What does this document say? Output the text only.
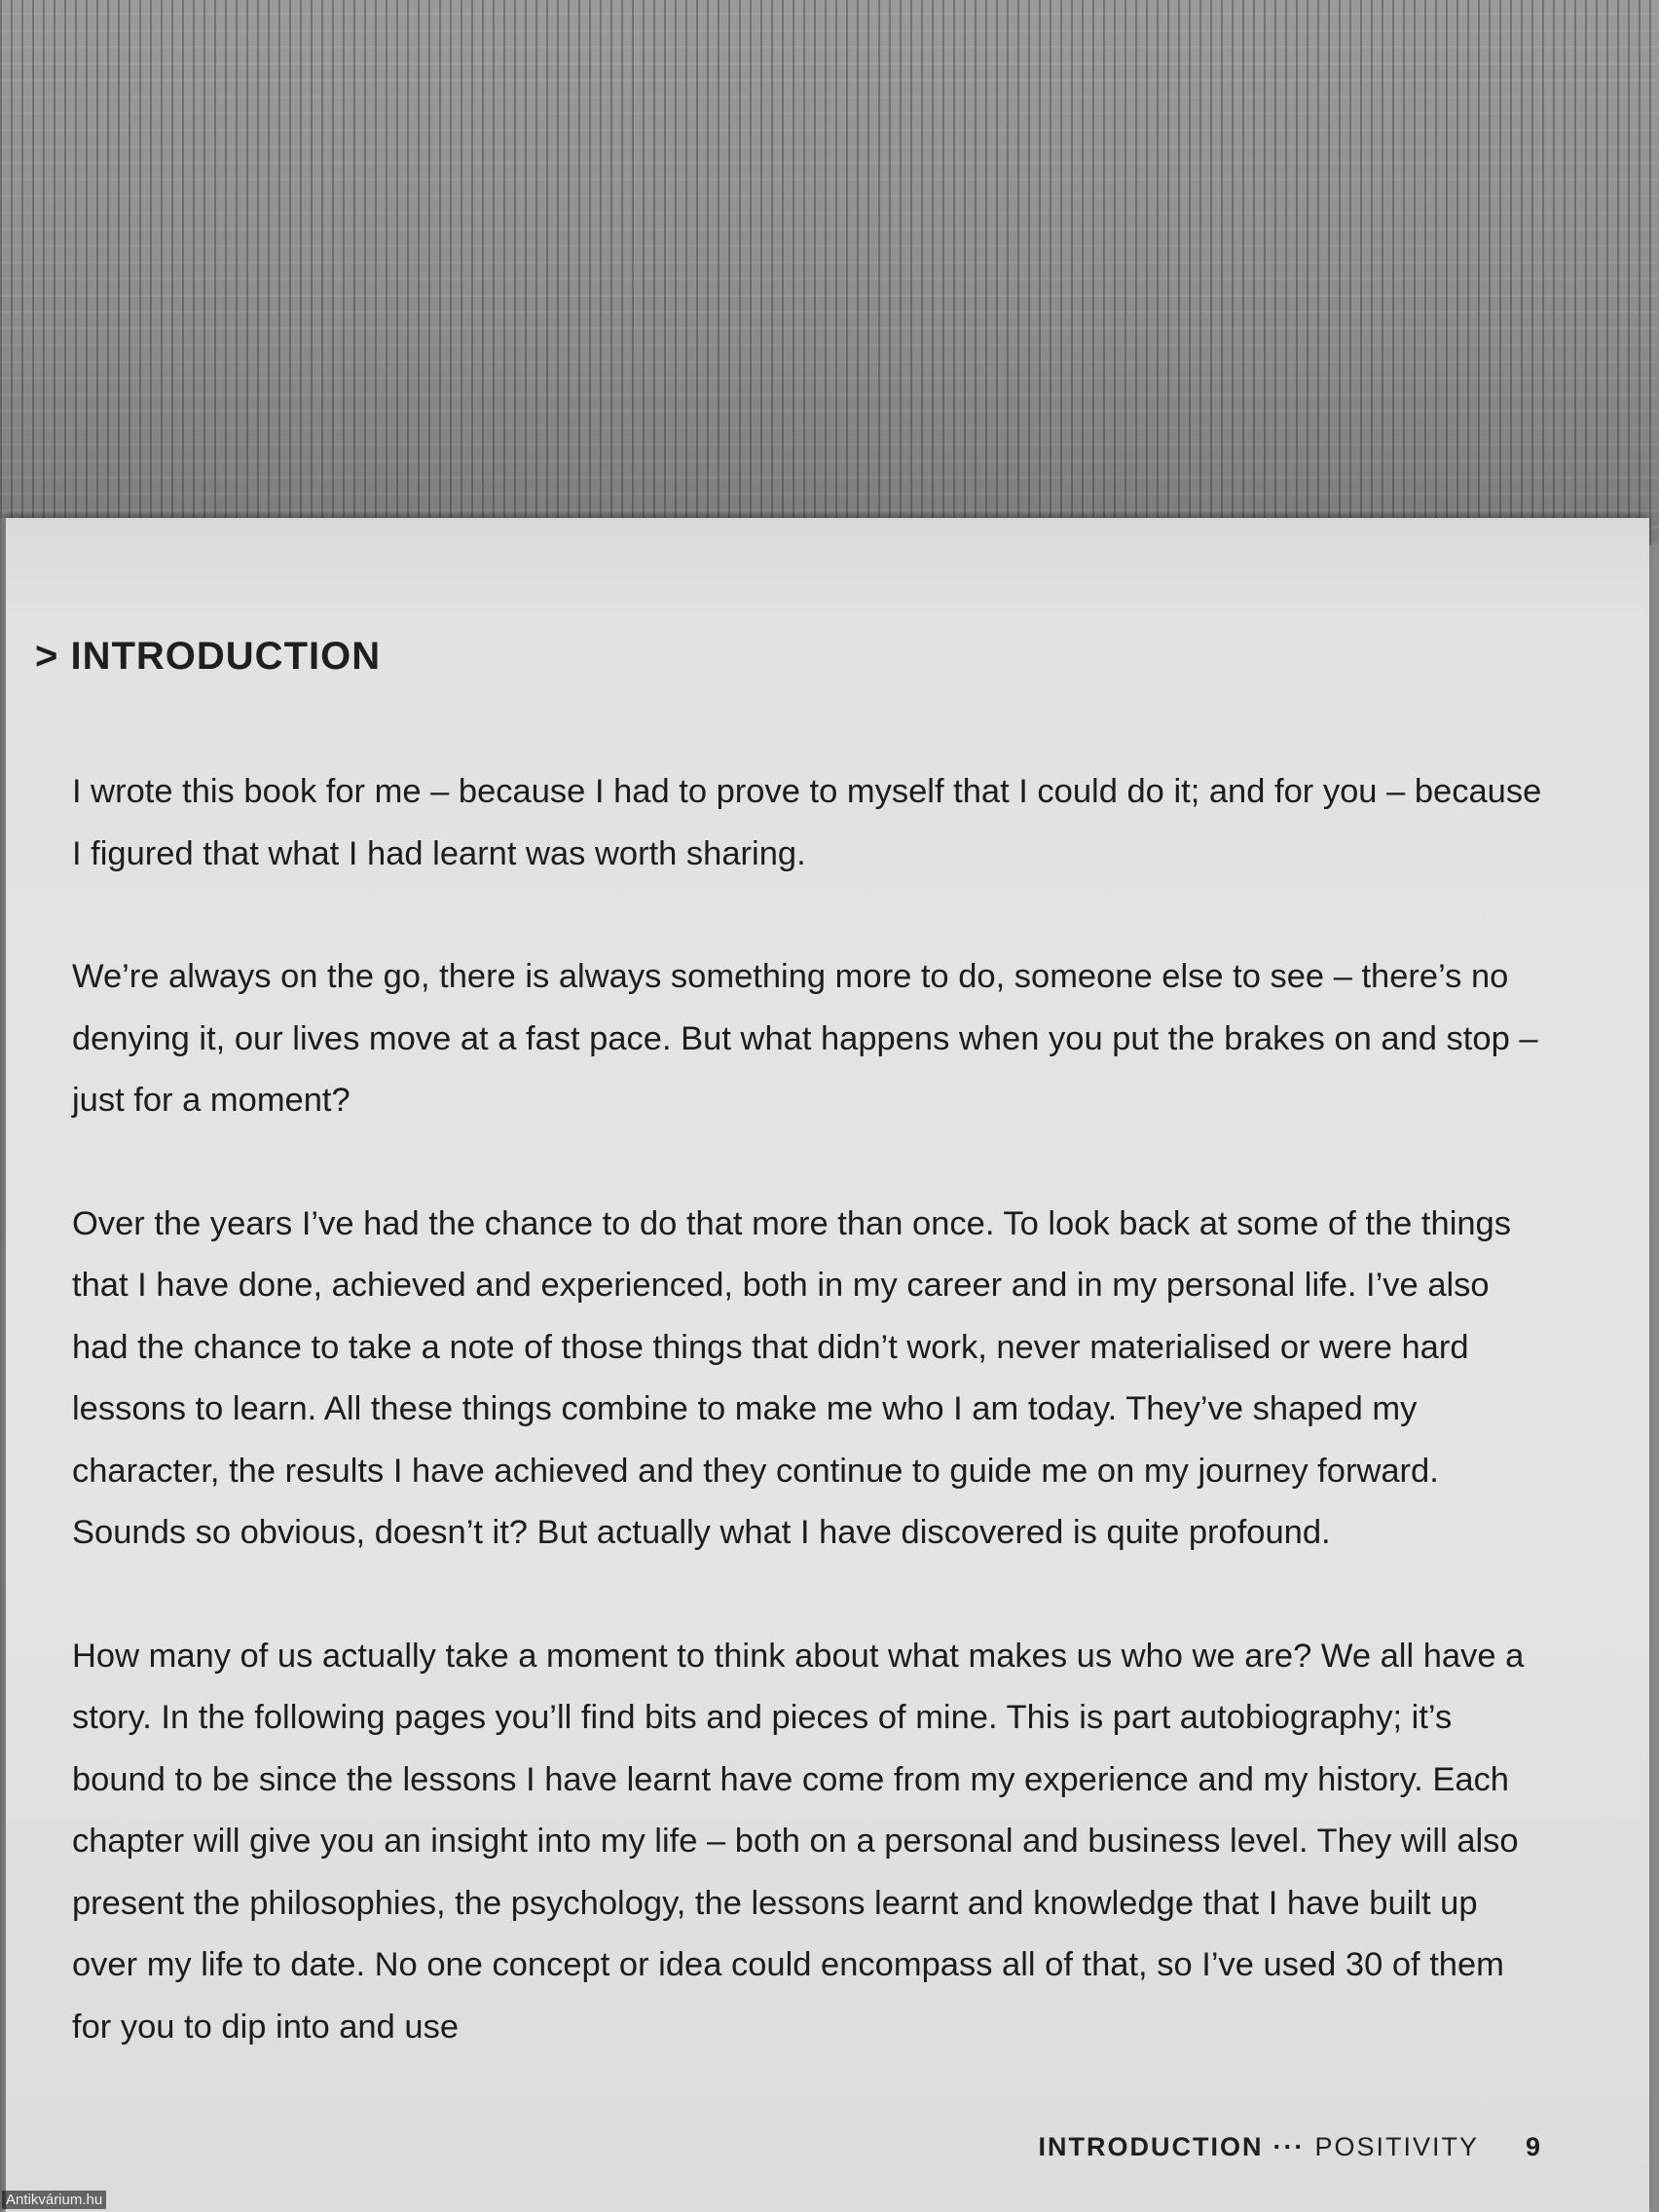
> INTRODUCTION

I wrote this book for me – because I had to prove to myself that I could do it; and for you – because I figured that what I had learnt was worth sharing.

We’re always on the go, there is always something more to do, someone else to see – there’s no denying it, our lives move at a fast pace. But what happens when you put the brakes on and stop – just for a moment?

Over the years I’ve had the chance to do that more than once. To look back at some of the things that I have done, achieved and experienced, both in my career and in my personal life. I’ve also had the chance to take a note of those things that didn’t work, never materialised or were hard lessons to learn. All these things combine to make me who I am today. They’ve shaped my character, the results I have achieved and they continue to guide me on my journey forward. Sounds so obvious, doesn’t it? But actually what I have discovered is quite profound.

How many of us actually take a moment to think about what makes us who we are? We all have a story. In the following pages you’ll find bits and pieces of mine. This is part autobiography; it’s bound to be since the lessons I have learnt have come from my experience and my history. Each chapter will give you an insight into my life – both on a personal and business level. They will also present the philosophies, the psychology, the lessons learnt and knowledge that I have built up over my life to date. No one concept or idea could encompass all of that, so I’ve used 30 of them for you to dip into and use

INTRODUCTION ··· POSITIVITY 9
Antikvárium.hu
